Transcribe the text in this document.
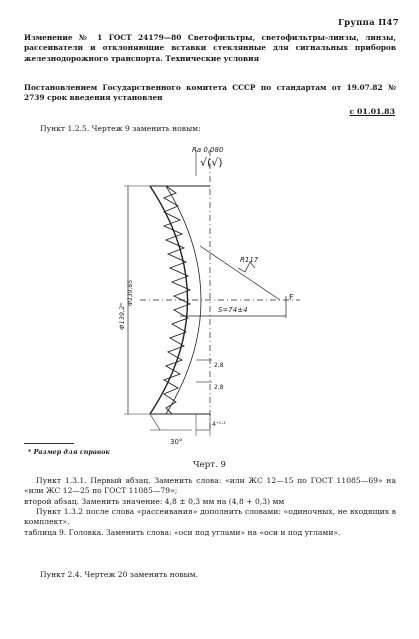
Группа П47
Изменение № 1 ГОСТ 24179—80 Светофильтры, светофильтры-линзы, линзы, рассеиватели и отклоняющие вставки стеклянные для сигнальных приборов железнодорожного транспорта. Технические условия
Постановлением Государственного комитета СССР по стандартам от 19.07.82 № 2739 срок введения установлен
с 01.01.83
Пункт 1.2.5. Чертеж 9 заменить новым:
Ra 0,080
√(√)
R117
S=74±4
F
2,8
2,8
4⁺⁰·³
30°
Ф139,2*
Ф139,85
* Размер для справок
Черт. 9

Пункт 1.3.1. Первый абзац. Заменить слова: «или ЖС 12—15 по ГОСТ 11085—69» на «или ЖС 12—25 по ГОСТ 11085—79»;

второй абзац. Заменить значение: 4,8 ± 0,3 мм на (4,8 + 0,3) мм

Пункт 1.3.2 после слова «рассеивания» дополнить словами: «одиночных, не входящих в комплект».

таблица 9. Головка. Заменить слова: «оси под углами» на «оси и под углами».

Пункт 2.4. Чертеж 20 заменить новым.
